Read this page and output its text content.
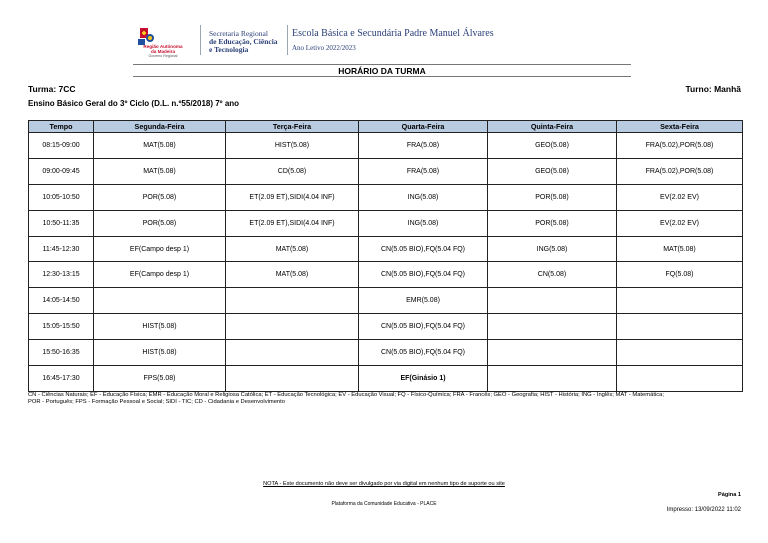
Região Autónoma
da Madeira
Governo Regional
Secretaria Regional
de Educação, Ciência
e Tecnologia
Escola Básica e Secundária Padre Manuel Álvares
Ano Letivo 2022/2023
HORÁRIO DA TURMA
Turma: 7CC	Turno: Manhã
Ensino Básico Geral do 3º Ciclo (D.L. n.º55/2018) 7º ano
Tempo	Segunda-Feira	Terça-Feira	Quarta-Feira	Quinta-Feira	Sexta-Feira
08:15-09:00	MAT(5.08)	HIST(5.08)	FRA(5.08)	GEO(5.08)	FRA(5.02),POR(5.08)
09:00-09:45	MAT(5.08)	CD(5.08)	FRA(5.08)	GEO(5.08)	FRA(5.02),POR(5.08)
10:05-10:50	POR(5.08)	ET(2.09 ET),SIDI(4.04 INF)	ING(5.08)	POR(5.08)	EV(2.02 EV)
10:50-11:35	POR(5.08)	ET(2.09 ET),SIDI(4.04 INF)	ING(5.08)	POR(5.08)	EV(2.02 EV)
11:45-12:30	EF(Campo desp 1)	MAT(5.08)	CN(5.05 BIO),FQ(5.04 FQ)	ING(5.08)	MAT(5.08)
12:30-13:15	EF(Campo desp 1)	MAT(5.08)	CN(5.05 BIO),FQ(5.04 FQ)	CN(5.08)	FQ(5.08)
14:05-14:50			EMR(5.08)		
15:05-15:50	HIST(5.08)		CN(5.05 BIO),FQ(5.04 FQ)		
15:50-16:35	HIST(5.08)		CN(5.05 BIO),FQ(5.04 FQ)		
16:45-17:30	FPS(5.08)		EF(Ginásio 1)		
CN - Ciências Naturais; EF - Educação Física; EMR - Educação Moral e Religiosa Católica; ET - Educação Tecnológica; EV - Educação Visual; FQ - Físico-Química; FRA - Francês; GEO - Geografia; HIST - História; ING - Inglês; MAT - Matemática;
POR - Português; FPS - Formação Pessoal e Social; SIDI - TIC; CD - Cidadania e Desenvolvimento
NOTA - Este documento não deve ser divulgado por via digital em nenhum tipo de suporte ou site
Página 1
Plataforma da Comunidade Educativa - PLACE
Impresso: 13/09/2022 11:02
